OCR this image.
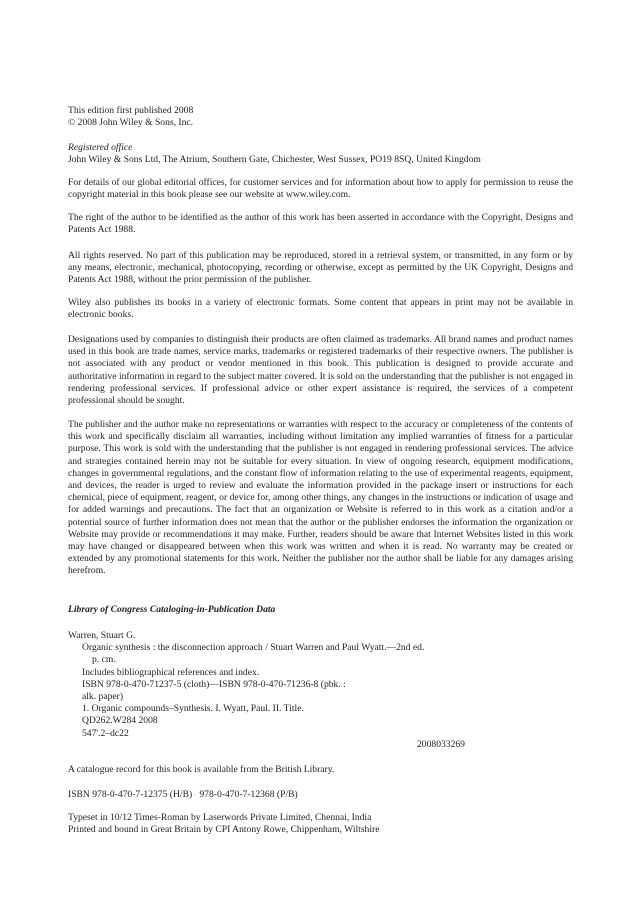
This edition first published 2008
© 2008 John Wiley & Sons, Inc.
Registered office
John Wiley & Sons Ltd, The Atrium, Southern Gate, Chichester, West Sussex, PO19 8SQ, United Kingdom

For details of our global editorial offices, for customer services and for information about how to apply for permission to reuse the copyright material in this book please see our website at www.wiley.com.

The right of the author to be identified as the author of this work has been asserted in accordance with the Copyright, Designs and Patents Act 1988.

All rights reserved. No part of this publication may be reproduced, stored in a retrieval system, or transmitted, in any form or by any means, electronic, mechanical, photocopying, recording or otherwise, except as permitted by the UK Copyright, Designs and Patents Act 1988, without the prior permission of the publisher.

Wiley also publishes its books in a variety of electronic formats. Some content that appears in print may not be available in electronic books.

Designations used by companies to distinguish their products are often claimed as trademarks. All brand names and product names used in this book are trade names, service marks, trademarks or registered trademarks of their respective owners. The publisher is not associated with any product or vendor mentioned in this book. This publication is designed to provide accurate and authoritative information in regard to the subject matter covered. It is sold on the understanding that the publisher is not engaged in rendering professional services. If professional advice or other expert assistance is required, the services of a competent professional should be sought.

The publisher and the author make no representations or warranties with respect to the accuracy or completeness of the contents of this work and specifically disclaim all warranties, including without limitation any implied warranties of fitness for a particular purpose. This work is sold with the understanding that the publisher is not engaged in rendering professional services. The advice and strategies contained herein may not be suitable for every situation. In view of ongoing research, equipment modifications, changes in governmental regulations, and the constant flow of information relating to the use of experimental reagents, equipment, and devices, the reader is urged to review and evaluate the information provided in the package insert or instructions for each chemical, piece of equipment, reagent, or device for, among other things, any changes in the instructions or indication of usage and for added warnings and precautions. The fact that an organization or Website is referred to in this work as a citation and/or a potential source of further information does not mean that the author or the publisher endorses the information the organization or Website may provide or recommendations it may make. Further, readers should be aware that Internet Websites listed in this work may have changed or disappeared between when this work was written and when it is read. No warranty may be created or extended by any promotional statements for this work. Neither the publisher nor the author shall be liable for any damages arising herefrom.

Library of Congress Cataloging-in-Publication Data
Warren, Stuart G.
Organic synthesis : the disconnection approach / Stuart Warren and Paul Wyatt.—2nd ed.
p. cm.
Includes bibliographical references and index.
ISBN 978-0-470-71237-5 (cloth)—ISBN 978-0-470-71236-8 (pbk. :
alk. paper)
1. Organic compounds–Synthesis. I. Wyatt, Paul. II. Title.
QD262.W284 2008
547'.2–dc22
2008033269
A catalogue record for this book is available from the British Library.
ISBN 978-0-470-7-12375 (H/B)   978-0-470-7-12368 (P/B)
Typeset in 10/12 Times-Roman by Laserwords Private Limited, Chennai, India
Printed and bound in Great Britain by CPI Antony Rowe, Chippenham, Wiltshire
